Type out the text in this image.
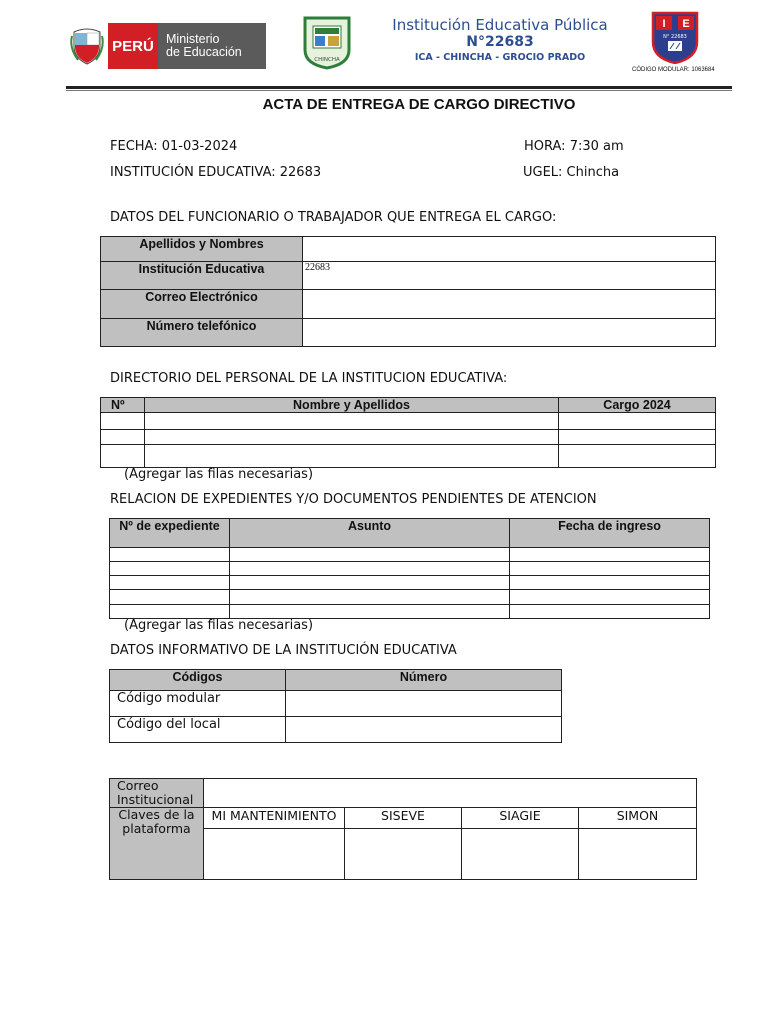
PERÚ Ministerio
de Educación
CHINCHA
Institución Educativa Pública
N°22683
ICA - CHINCHA - GROCIO PRADO
I E
N° 22683
CÓDIGO MODULAR: 1063684
ACTA DE ENTREGA DE CARGO DIRECTIVO
FECHA: 01-03-2024	HORA: 7:30 am
INSTITUCIÓN EDUCATIVA: 22683	UGEL: Chincha
DATOS DEL FUNCIONARIO O TRABAJADOR QUE ENTREGA EL CARGO:
Apellidos y Nombres	
Institución Educativa	22683
Correo Electrónico	
Número telefónico	
DIRECTORIO DEL PERSONAL DE LA INSTITUCION EDUCATIVA:
Nº	Nombre y Apellidos	Cargo 2024

(Agregar las filas necesarias)
RELACION DE EXPEDIENTES Y/O DOCUMENTOS PENDIENTES DE ATENCION
Nº de expediente	Asunto	Fecha de ingreso

(Agregar las filas necesarias)
DATOS INFORMATIVO DE LA INSTITUCIÓN EDUCATIVA
Códigos	Número
Código modular	
Código del local	
Correo Institucional				
Claves de la plataforma	MI MANTENIMIENTO	SISEVE	SIAGIE	SIMON
